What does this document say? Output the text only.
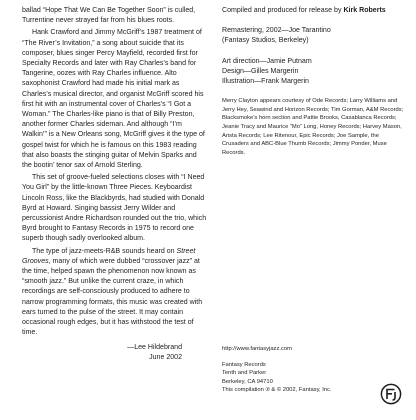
ballad “Hope That We Can Be Together Soon” is culled, Turrentine never strayed far from his blues roots.

Hank Crawford and Jimmy McGriff’s 1987 treatment of “The River’s Invitation,” a song about suicide that its composer, blues singer Percy Mayfield, recorded first for Specialty Records and later with Ray Charles’s band for Tangerine, oozes with Ray Charles influence. Alto saxophonist Crawford had made his initial mark as Charles’s musical director, and organist McGriff scored his first hit with an instrumental cover of Charles’s “I Got a Woman.” The Charles-like piano is that of Billy Preston, another former Charles sideman. And although “I’m Walkin’” is a New Orleans song, McGriff gives it the type of gospel twist for which he is famous on this 1983 reading that also boasts the stinging guitar of Melvin Sparks and the bootin’ tenor sax of Arnold Sterling.

This set of groove-fueled selections closes with “I Need You Girl” by the little-known Three Pieces. Keyboardist Lincoln Ross, like the Blackbyrds, had studied with Donald Byrd at Howard. Singing bassist Jerry Wilder and percussionist Andre Richardson rounded out the trio, which Byrd brought to Fantasy Records in 1975 to record one superb though sadly overlooked album.

The type of jazz-meets-R&B sounds heard on Street Grooves, many of which were dubbed “crossover jazz” at the time, helped spawn the phenomenon now known as “smooth jazz.” But unlike the current craze, in which recordings are self-consciously produced to adhere to narrow programming formats, this music was created with ears turned to the pulse of the street. It may contain occasional rough edges, but it has withstood the test of time.

—Lee Hildebrand
June 2002
Compiled and produced for release by Kirk Roberts
Remastering, 2002—Joe Tarantino
(Fantasy Studios, Berkeley)
Art direction—Jamie Putnam
Design—Gilles Margerin
Illustration—Frank Margerin
Merry Clayton appears courtesy of Ode Records; Larry Williams and Jerry Hey, Seawind and Horizon Records; Tim Gorman, A&M Records; Blacksmoke’s horn section and Pattie Brooks, Casablanca Records; Jeanie Tracy and Maurice “Mo” Long, Honey Records; Harvey Mason, Arista Records; Lee Ritenour, Epic Records; Joe Sample, the Crusaders and ABC-Blue Thumb Records; Jimmy Ponder, Muse Records.
http://www.fantasyjazz.com
Fantasy Records
Tenth and Parker
Berkeley, CA 94710
This compilation ℗ & © 2002, Fantasy, Inc.
